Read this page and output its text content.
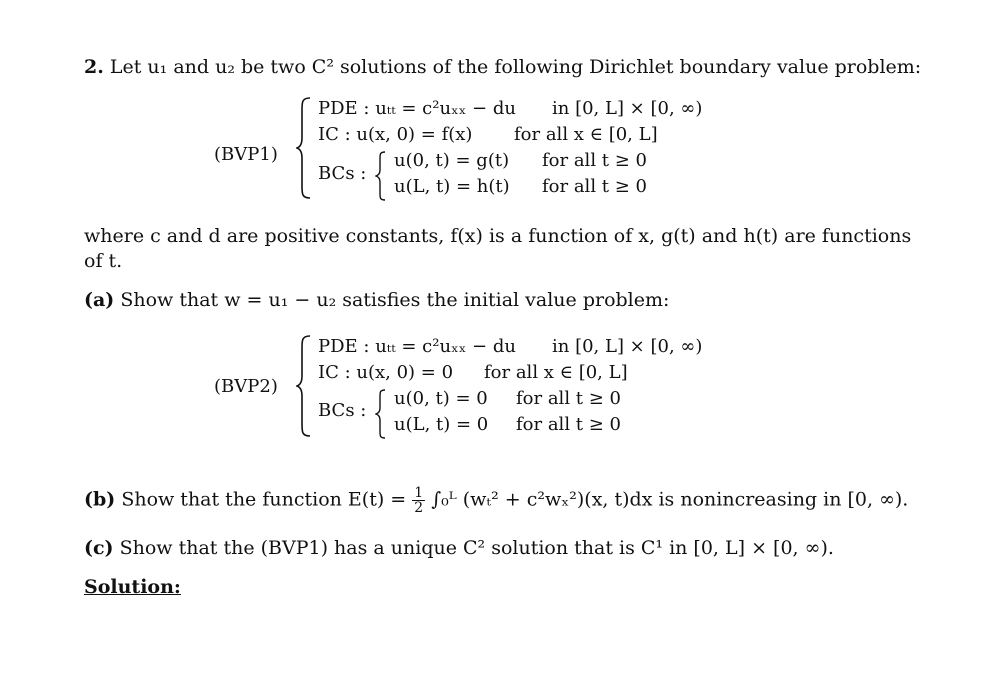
2. Let u₁ and u₂ be two C² solutions of the following Dirichlet boundary value problem:
(BVP1)
PDE : uₜₜ = c²uₓₓ − du in [0, L] × [0, ∞)
IC : u(x, 0) = f(x) for all x ∈ [0, L]
BCs :
u(0, t) = g(t) for all t ≥ 0
u(L, t) = h(t) for all t ≥ 0
where c and d are positive constants, f(x) is a function of x, g(t) and h(t) are functions
of t.
(a) Show that w = u₁ − u₂ satisfies the initial value problem:
(BVP2)
PDE : uₜₜ = c²uₓₓ − du in [0, L] × [0, ∞)
IC : u(x, 0) = 0 for all x ∈ [0, L]
BCs :
u(0, t) = 0 for all t ≥ 0
u(L, t) = 0 for all t ≥ 0
(b) Show that the function $E(t) = \frac{1}{2}$ ∫₀ᴸ (wₜ² + c²wₓ²)(x, t)dx is nonincreasing in [0, ∞).
(c) Show that the (BVP1) has a unique C² solution that is C¹ in [0, L] × [0, ∞).
Solution:
